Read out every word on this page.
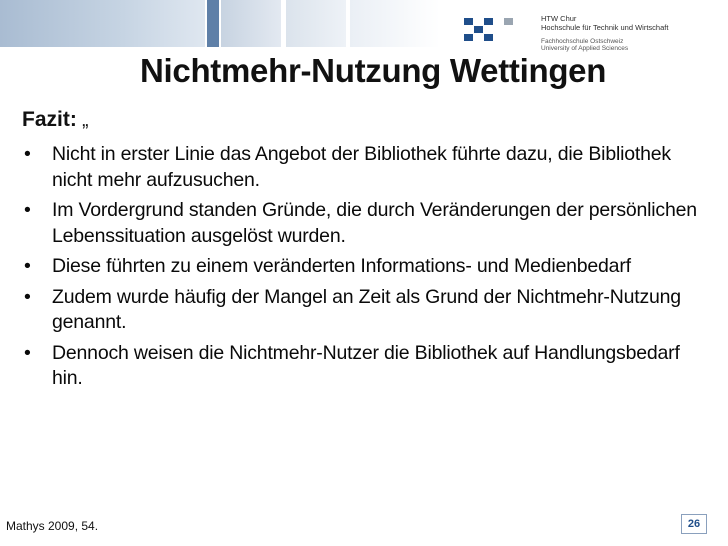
HTW Chur
Hochschule für Technik und Wirtschaft
Fachhochschule Ostschweiz
University of Applied Sciences
Nichtmehr-Nutzung Wettingen

Fazit: „

• Nicht in erster Linie das Angebot der Bibliothek führte dazu, die Bibliothek nicht mehr aufzusuchen.
• Im Vordergrund standen Gründe, die durch Veränderungen der persönlichen Lebenssituation ausgelöst wurden.
• Diese führten zu einem veränderten Informations- und Medienbedarf
• Zudem wurde häufig der Mangel an Zeit als Grund der Nichtmehr-Nutzung genannt.
• Dennoch weisen die Nichtmehr-Nutzer die Bibliothek auf Handlungsbedarf hin.
Mathys 2009, 54.	26
